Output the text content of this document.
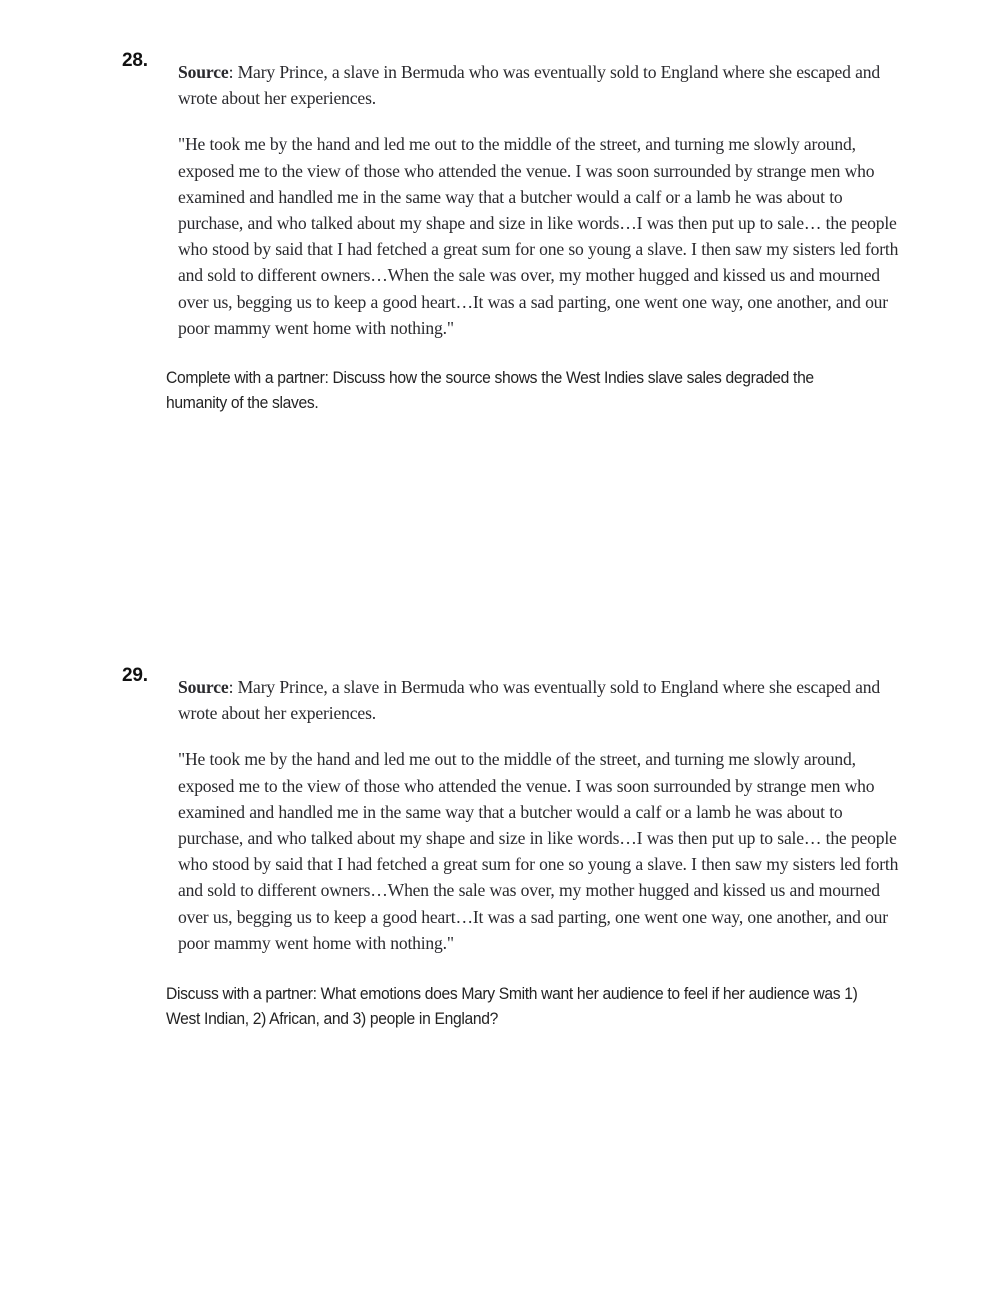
28.

Source: Mary Prince, a slave in Bermuda who was eventually sold to England where she escaped and wrote about her experiences.

"He took me by the hand and led me out to the middle of the street, and turning me slowly around, exposed me to the view of those who attended the venue. I was soon surrounded by strange men who examined and handled me in the same way that a butcher would a calf or a lamb he was about to purchase, and who talked about my shape and size in like words…I was then put up to sale… the people who stood by said that I had fetched a great sum for one so young a slave. I then saw my sisters led forth and sold to different owners…When the sale was over, my mother hugged and kissed us and mourned over us, begging us to keep a good heart…It was a sad parting, one went one way, one another, and our poor mammy went home with nothing."

Complete with a partner: Discuss how the source shows the West Indies slave sales degraded the humanity of the slaves.
29.

Source: Mary Prince, a slave in Bermuda who was eventually sold to England where she escaped and wrote about her experiences.

"He took me by the hand and led me out to the middle of the street, and turning me slowly around, exposed me to the view of those who attended the venue. I was soon surrounded by strange men who examined and handled me in the same way that a butcher would a calf or a lamb he was about to purchase, and who talked about my shape and size in like words…I was then put up to sale… the people who stood by said that I had fetched a great sum for one so young a slave. I then saw my sisters led forth and sold to different owners…When the sale was over, my mother hugged and kissed us and mourned over us, begging us to keep a good heart…It was a sad parting, one went one way, one another, and our poor mammy went home with nothing."

Discuss with a partner: What emotions does Mary Smith want her audience to feel if her audience was 1) West Indian, 2) African, and 3) people in England?
